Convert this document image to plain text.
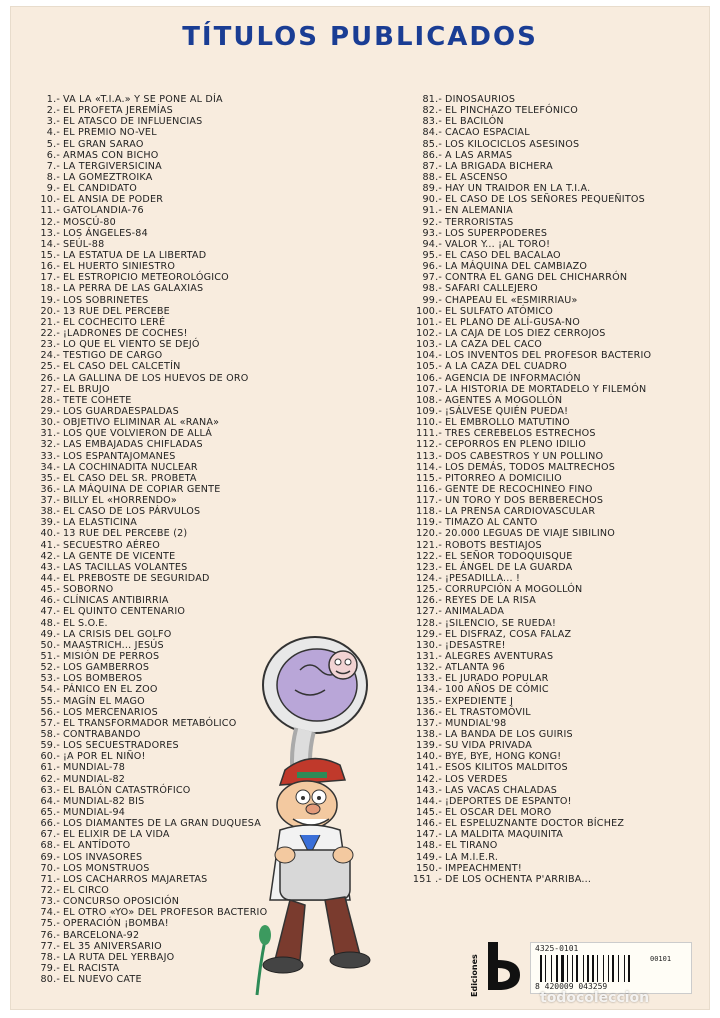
TÍTULOS PUBLICADOS
1.- VA LA «T.I.A.» Y SE PONE AL DÍA
2.- EL PROFETA JEREMÍAS
3.- EL ATASCO DE INFLUENCIAS
4.- EL PREMIO NO-VEL
5.- EL GRAN SARAO
6.- ARMAS CON BICHO
7.- LA TERGIVERSICINA
8.- LA GOMEZTROIKA
9.- EL CANDIDATO
10.- EL ANSIA DE PODER
11.- GATOLANDIA-76
12.- MOSCÚ-80
13.- LOS ÁNGELES-84
14.- SEÚL-88
15.- LA ESTATUA DE LA LIBERTAD
16.- EL HUERTO SINIESTRO
17.- EL ESTROPICIO METEOROLÓGICO
18.- LA PERRA DE LAS GALAXIAS
19.- LOS SOBRINETES
20.- 13 RUE DEL PERCEBE
21.- EL COCHECITO LERÉ
22.- ¡LADRONES DE COCHES!
23.- LO QUE EL VIENTO SE DEJÓ
24.- TESTIGO DE CARGO
25.- EL CASO DEL CALCETÍN
26.- LA GALLINA DE LOS HUEVOS DE ORO
27.- EL BRUJO
28.- TETE COHETE
29.- LOS GUARDAESPALDAS
30.- OBJETIVO ELIMINAR AL «RANA»
31.- LOS QUE VOLVIERON DE ALLÁ
32.- LAS EMBAJADAS CHIFLADAS
33.- LOS ESPANTAJOMANES
34.- LA COCHINADITA NUCLEAR
35.- EL CASO DEL SR. PROBETA
36.- LA MÁQUINA DE COPIAR GENTE
37.- BILLY EL «HORRENDO»
38.- EL CASO DE LOS PÁRVULOS
39.- LA ELASTICINA
40.- 13 RUE DEL PERCEBE (2)
41.- SECUESTRO AÉREO
42.- LA GENTE DE VICENTE
43.- LAS TACILLAS VOLANTES
44.- EL PREBOSTE DE SEGURIDAD
45.- SOBORNO
46.- CLÍNICAS ANTIBIRRIA
47.- EL QUINTO CENTENARIO
48.- EL S.O.E.
49.- LA CRISIS DEL GOLFO
50.- MAASTRICH... JESÚS
51.- MISIÓN DE PERROS
52.- LOS GAMBERROS
53.- LOS BOMBEROS
54.- PÁNICO EN EL ZOO
55.- MAGÍN EL MAGO
56.- LOS MERCENARIOS
57.- EL TRANSFORMADOR METABÓLICO
58.- CONTRABANDO
59.- LOS SECUESTRADORES
60.- ¡A POR EL NIÑO!
61.- MUNDIAL-78
62.- MUNDIAL-82
63.- EL BALÓN CATASTRÓFICO
64.- MUNDIAL-82 BIS
65.- MUNDIAL-94
66.- LOS DIAMANTES DE LA GRAN DUQUESA
67.- EL ELIXIR DE LA VIDA
68.- EL ANTÍDOTO
69.- LOS INVASORES
70.- LOS MONSTRUOS
71.- LOS CACHARROS MAJARETAS
72.- EL CIRCO
73.- CONCURSO OPOSICIÓN
74.- EL OTRO «YO» DEL PROFESOR BACTERIO
75.- OPERACIÓN ¡BOMBA!
76.- BARCELONA-92
77.- EL 35 ANIVERSARIO
78.- LA RUTA DEL YERBAJO
79.- EL RACISTA
80.- EL NUEVO CATE
81.- DINOSAURIOS
82.- EL PINCHAZO TELEFÓNICO
83.- EL BACILÓN
84.- CACAO ESPACIAL
85.- LOS KILOCICLOS ASESINOS
86.- A LAS ARMAS
87.- LA BRIGADA BICHERA
88.- EL ASCENSO
89.- HAY UN TRAIDOR EN LA T.I.A.
90.- EL CASO DE LOS SEÑORES PEQUEÑITOS
91.- EN ALEMANIA
92.- TERRORISTAS
93.- LOS SUPERPODERES
94.- VALOR Y... ¡AL TORO!
95.- EL CASO DEL BACALAO
96.- LA MÁQUINA DEL CAMBIAZO
97.- CONTRA EL GANG DEL CHICHARRÓN
98.- SAFARI CALLEJERO
99.- CHAPEAU EL «ESMIRRIAU»
100.- EL SULFATO ATÓMICO
101.- EL PLANO DE ALÍ-GUSA-NO
102.- LA CAJA DE LOS DIEZ CERROJOS
103.- LA CAZA DEL CACO
104.- LOS INVENTOS DEL PROFESOR BACTERIO
105.- A LA CAZA DEL CUADRO
106.- AGENCIA DE INFORMACIÓN
107.- LA HISTORIA DE MORTADELO Y FILEMÓN
108.- AGENTES A MOGOLLÓN
109.- ¡SÁLVESE QUIÉN PUEDA!
110.- EL EMBROLLO MATUTINO
111.- TRES CEREBELOS ESTRECHOS
112.- CEPORROS EN PLENO IDILIO
113.- DOS CABESTROS Y UN POLLINO
114.- LOS DEMÁS, TODOS MALTRECHOS
115.- PITORREO A DOMICILIO
116.- GENTE DE RECOCHINEO FINO
117.- UN TORO Y DOS BERBERECHOS
118.- LA PRENSA CARDIOVASCULAR
119.- TIMAZO AL CANTO
120.- 20.000 LEGUAS DE VIAJE SIBILINO
121.- ROBOTS BESTIAJOS
122.- EL SEÑOR TODOQUISQUE
123.- EL ÁNGEL DE LA GUARDA
124.- ¡PESADILLA... !
125.- CORRUPCIÓN A MOGOLLÓN
126.- REYES DE LA RISA
127.- ANIMALADA
128.- ¡SILENCIO, SE RUEDA!
129.- EL DISFRAZ, COSA FALAZ
130.- ¡DESASTRE!
131.- ALEGRES AVENTURAS
132.- ATLANTA 96
133.- EL JURADO POPULAR
134.- 100 AÑOS DE CÓMIC
135.- EXPEDIENTE J
136.- EL TRASTOMÓVIL
137.- MUNDIAL'98
138.- LA BANDA DE LOS GUIRIS
139.- SU VIDA PRIVADA
140.- BYE, BYE, HONG KONG!
141.- ESOS KILITOS MALDITOS
142.- LOS VERDES
143.- LAS VACAS CHALADAS
144.- ¡DEPORTES DE ESPANTO!
145.- EL OSCAR DEL MORO
146.- EL ESPELUZNANTE DOCTOR BÍCHEZ
147.- LA MALDITA MAQUINITA
148.- EL TIRANO
149.- LA M.I.E.R.
150.- IMPEACHMENT!
151 .- DE LOS OCHENTA P'ARRIBA...
Ediciones
4325-0101
00101
8 420009 043259
todocoleccion
